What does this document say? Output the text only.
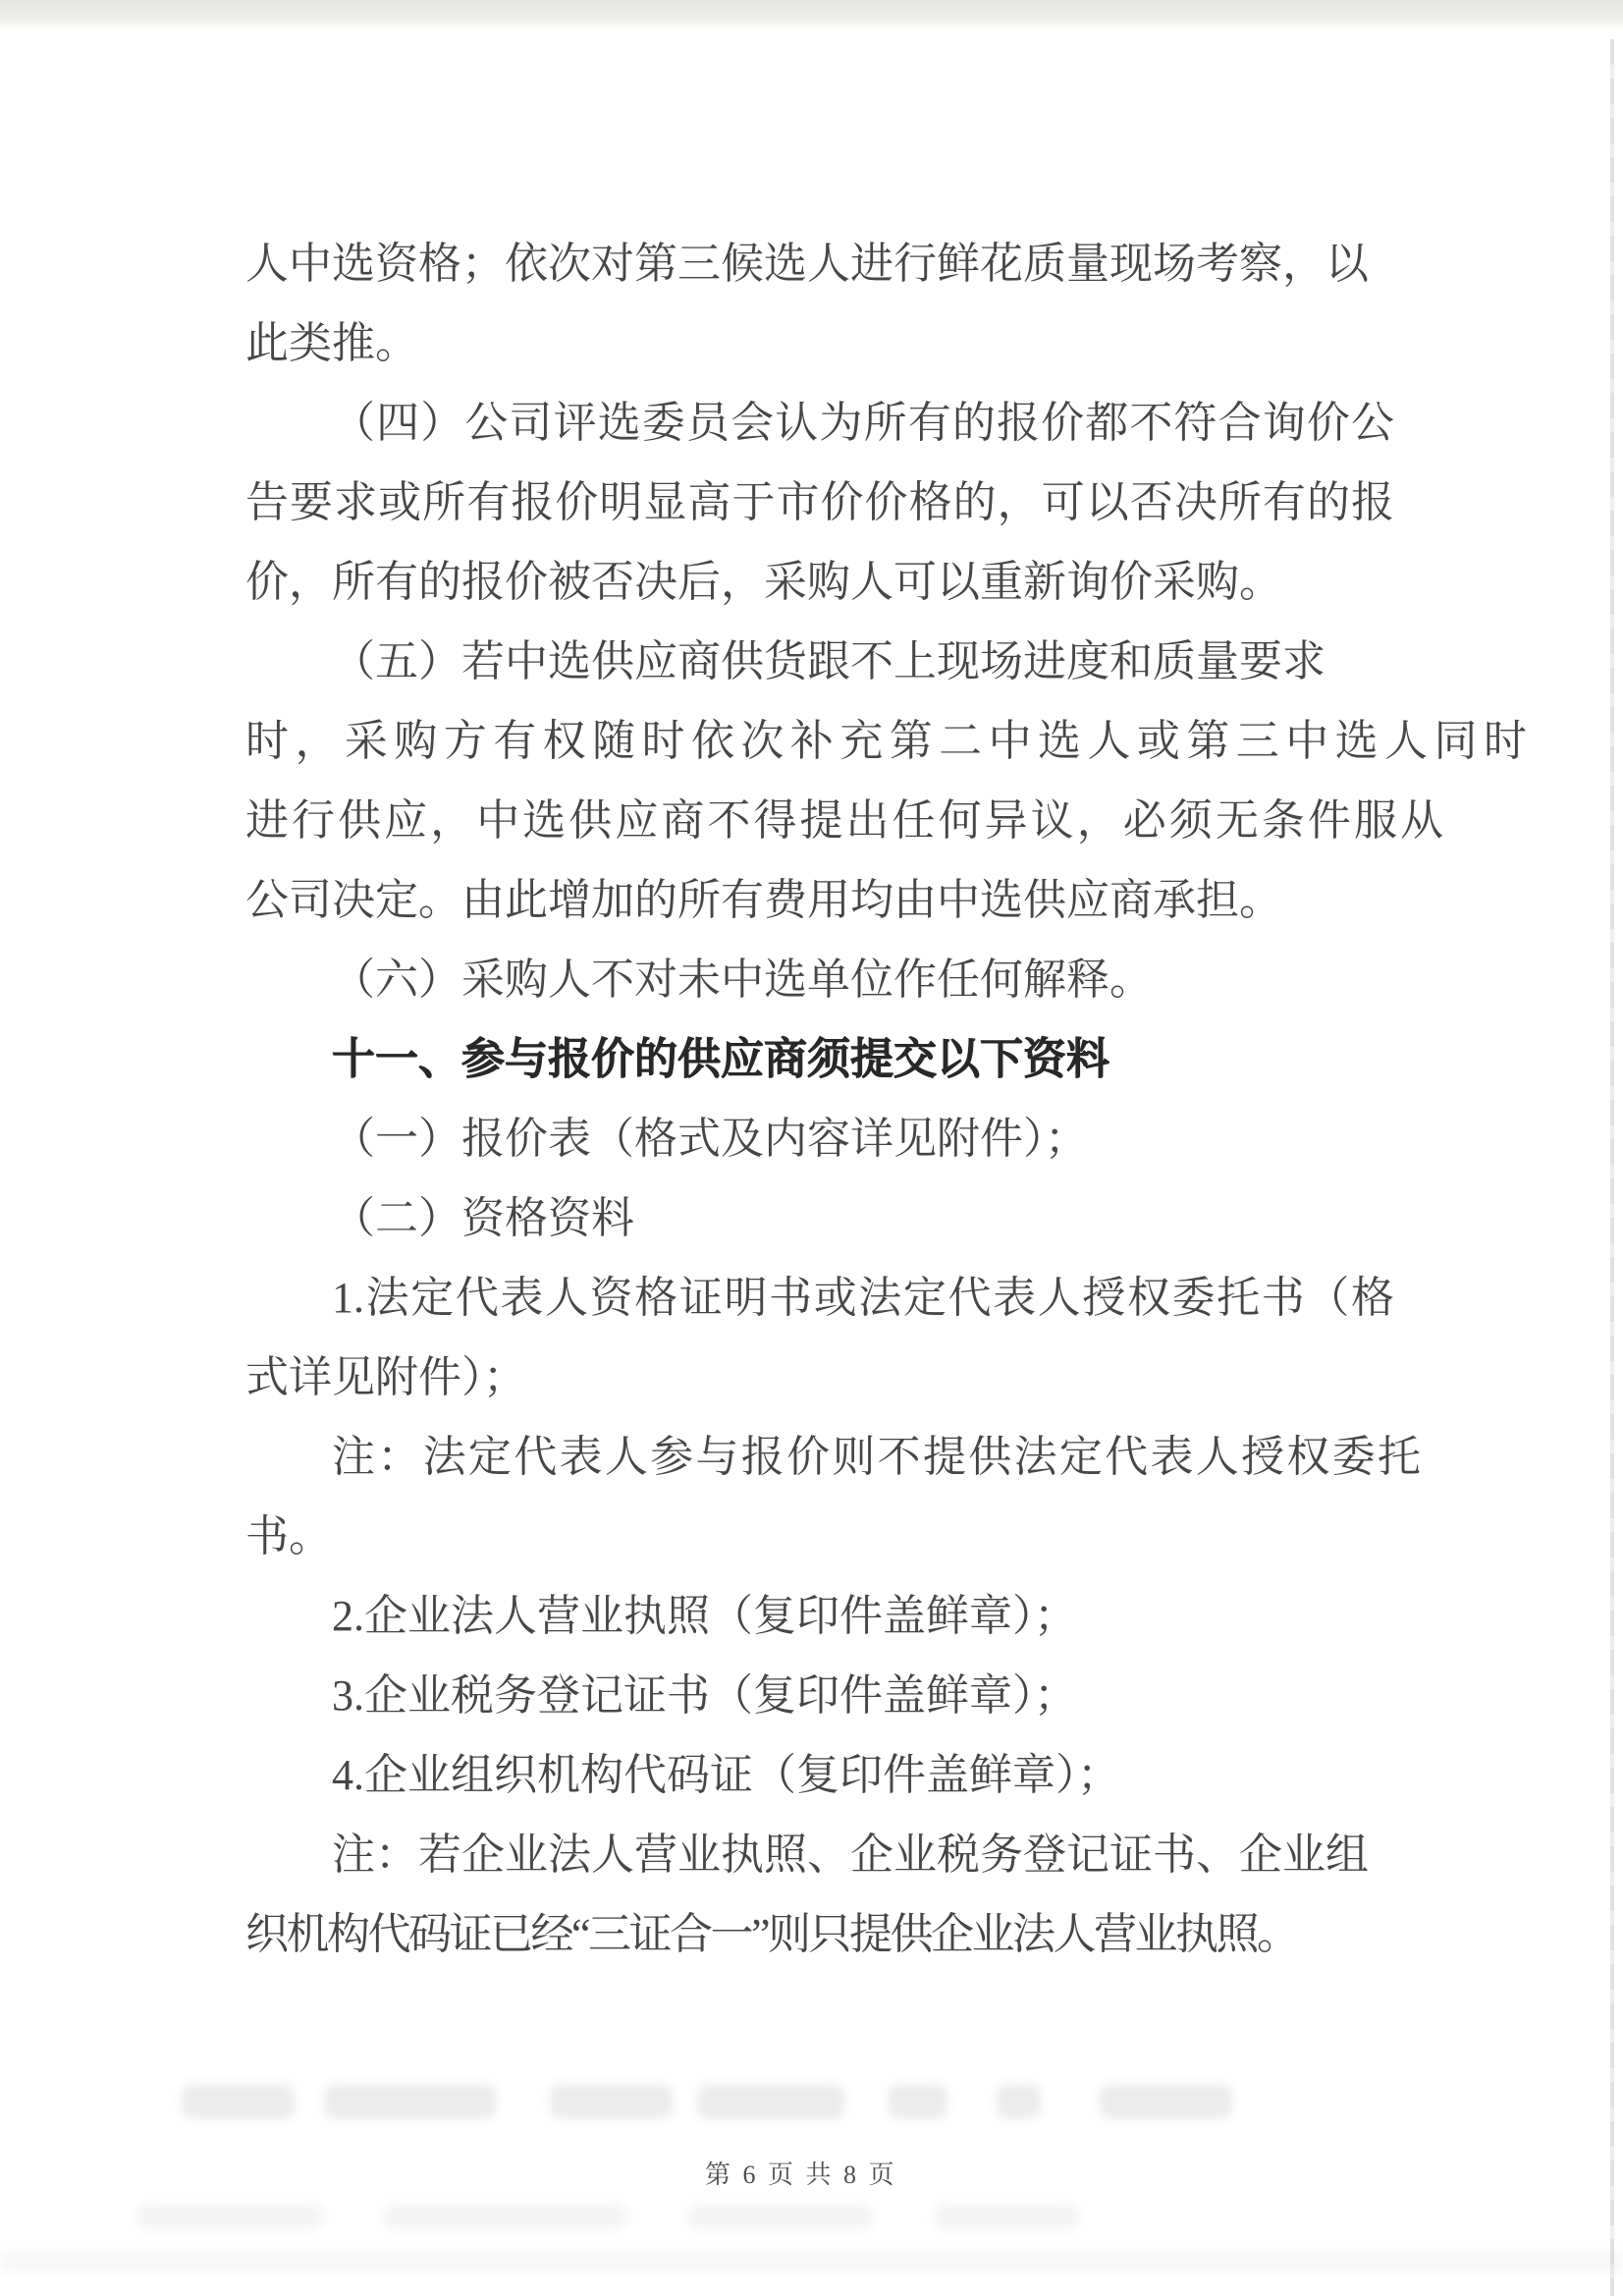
人中选资格；依次对第三候选人进行鲜花质量现场考察，以
此类推。
（四）公司评选委员会认为所有的报价都不符合询价公
告要求或所有报价明显高于市价价格的，可以否决所有的报
价，所有的报价被否决后，采购人可以重新询价采购。
（五）若中选供应商供货跟不上现场进度和质量要求
时，采购方有权随时依次补充第二中选人或第三中选人同时
进行供应，中选供应商不得提出任何异议，必须无条件服从
公司决定。由此增加的所有费用均由中选供应商承担。
（六）采购人不对未中选单位作任何解释。
十一、参与报价的供应商须提交以下资料
（一）报价表（格式及内容详见附件）；
（二）资格资料
1.法定代表人资格证明书或法定代表人授权委托书（格
式详见附件）；
注：法定代表人参与报价则不提供法定代表人授权委托
书。
2.企业法人营业执照（复印件盖鲜章）；
3.企业税务登记证书（复印件盖鲜章）；
4.企业组织机构代码证（复印件盖鲜章）；
注：若企业法人营业执照、企业税务登记证书、企业组
织机构代码证已经“三证合一”则只提供企业法人营业执照。
第 6 页 共 8 页
